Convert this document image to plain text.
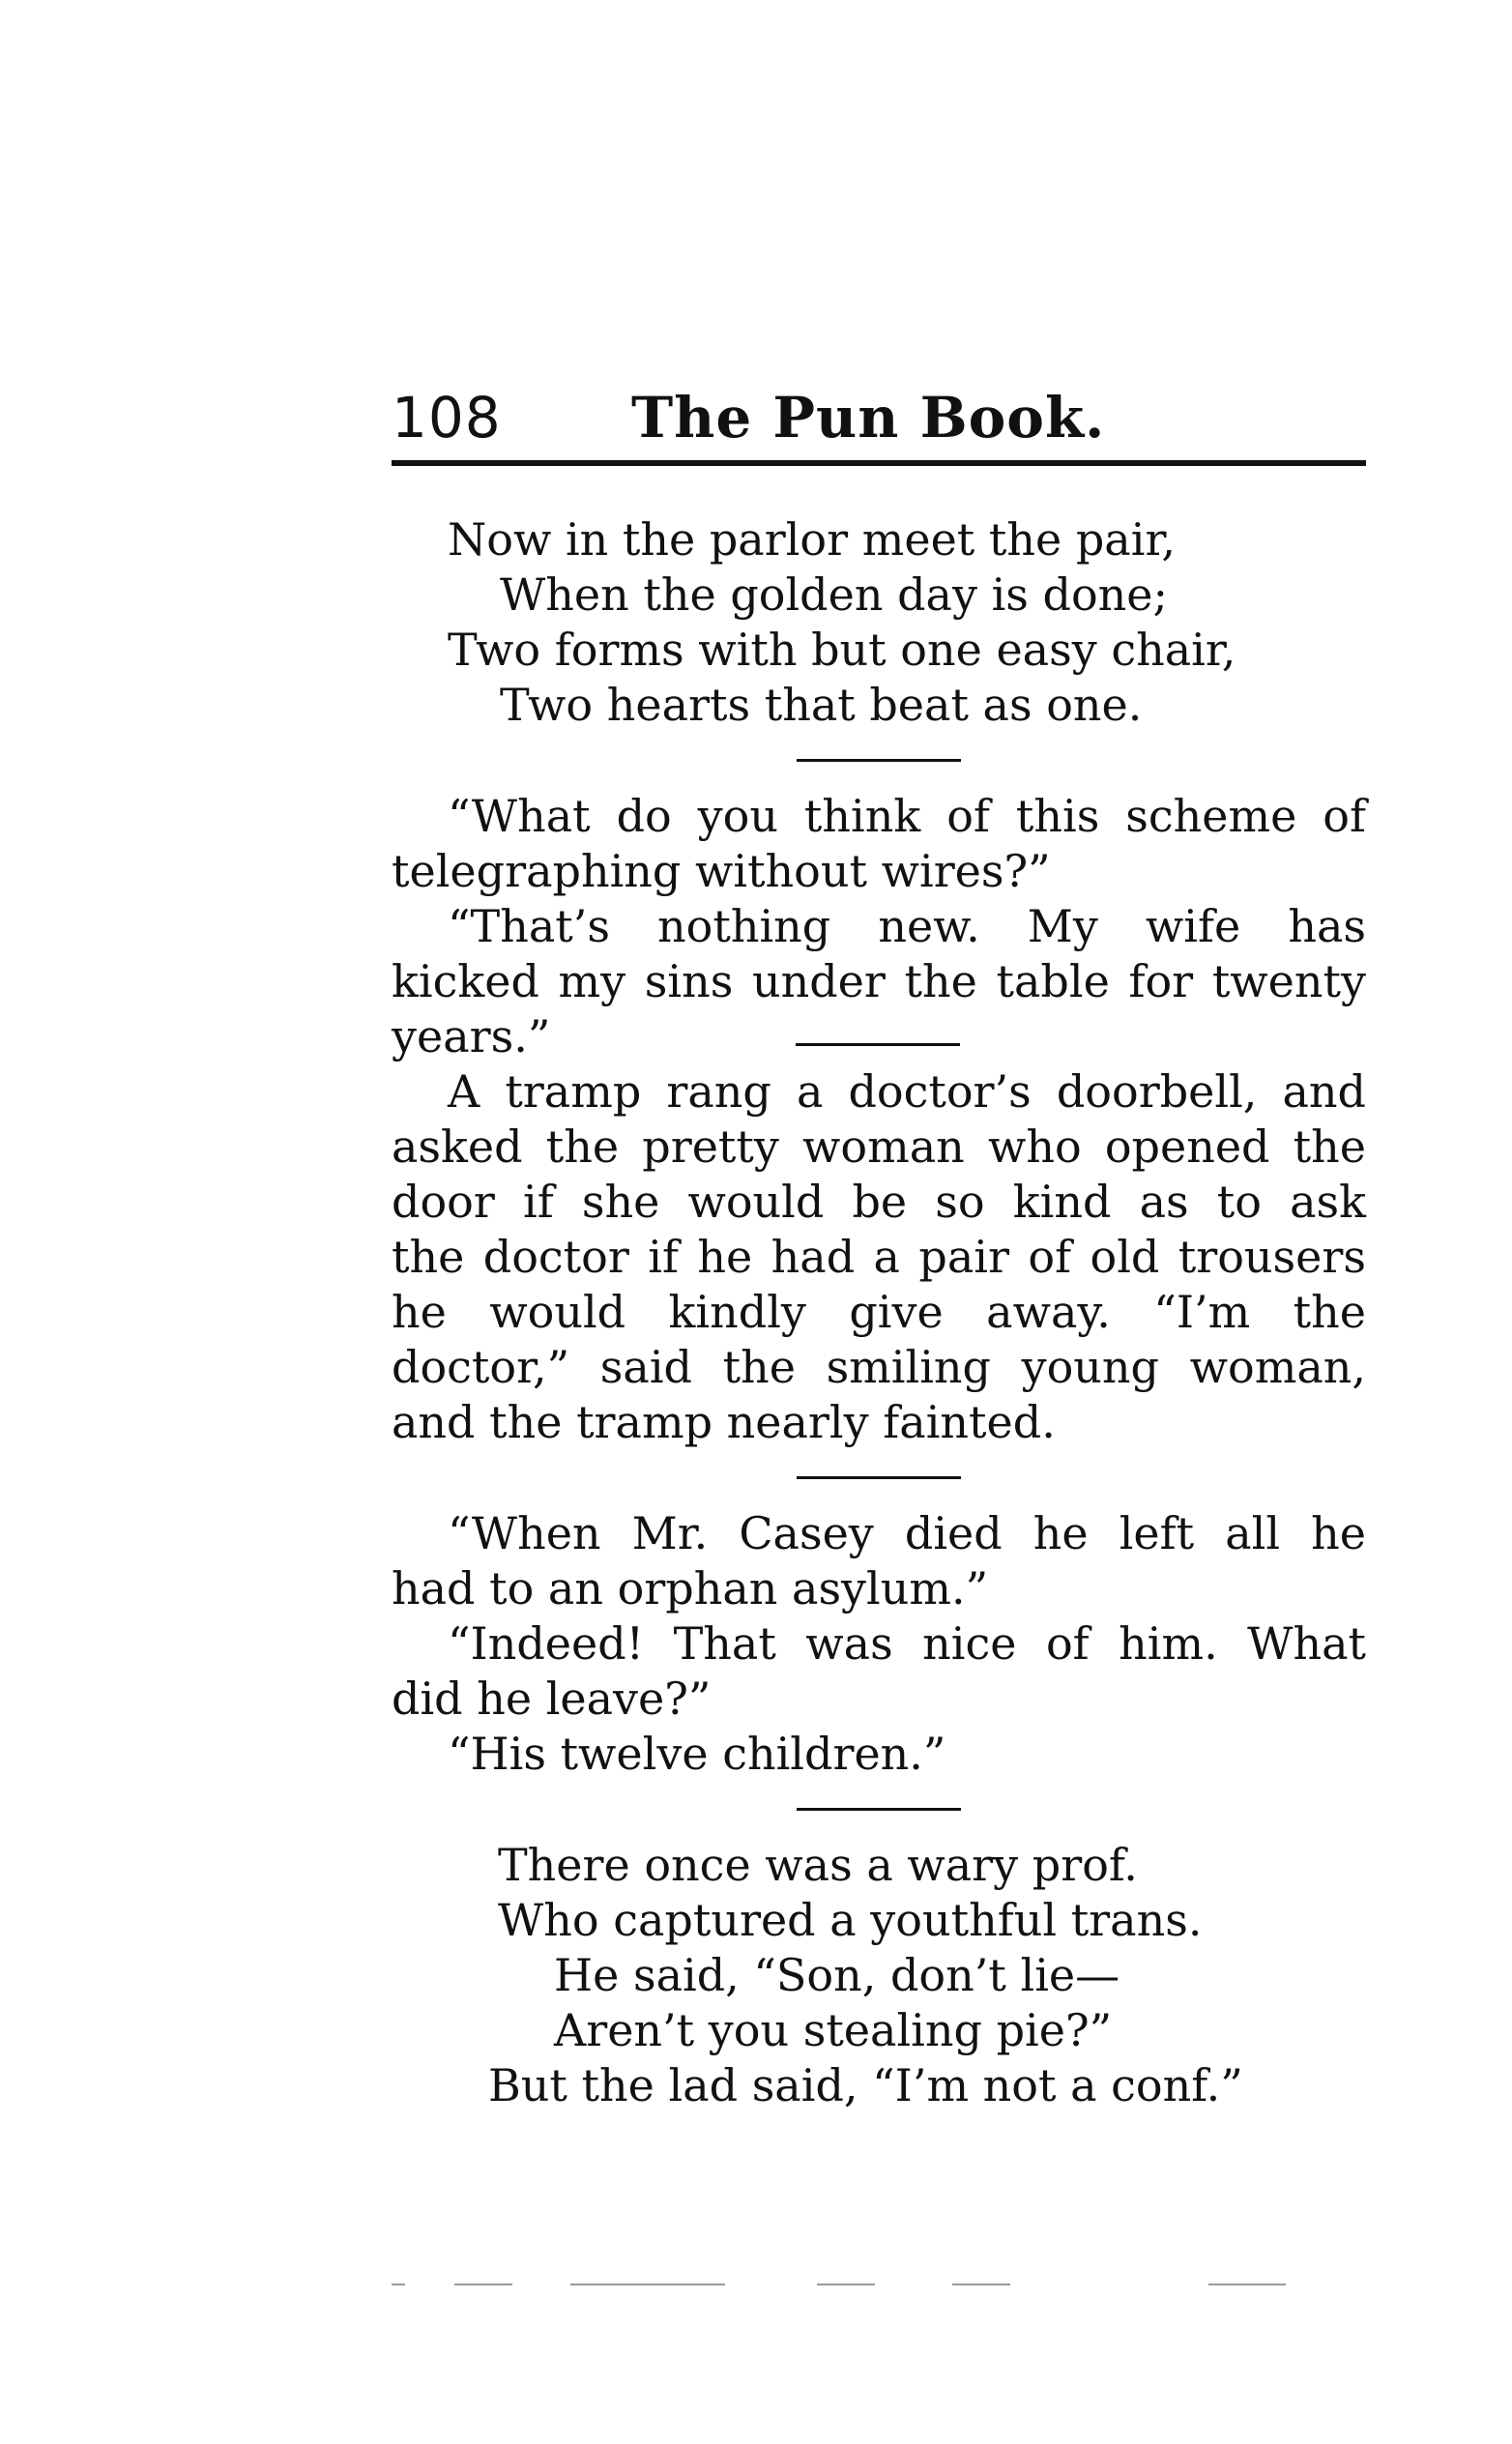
108 The Pun Book.
Now in the parlor meet the pair,
When the golden day is done;
Two forms with but one easy chair,
Two hearts that beat as one.
“What do you think of this scheme of
telegraphing without wires?”
“That’s nothing new. My wife has
kicked my sins under the table for twenty
years.”
A tramp rang a doctor’s doorbell, and
asked the pretty woman who opened the
door if she would be so kind as to ask
the doctor if he had a pair of old trousers
he would kindly give away. “I’m the
doctor,” said the smiling young woman,
and the tramp nearly fainted.
“When Mr. Casey died he left all he
had to an orphan asylum.”
“Indeed! That was nice of him. What
did he leave?”
“His twelve children.”
There once was a wary prof.
Who captured a youthful trans.
He said, “Son, don’t lie—
Aren’t you stealing pie?”
But the lad said, “I’m not a conf.”
